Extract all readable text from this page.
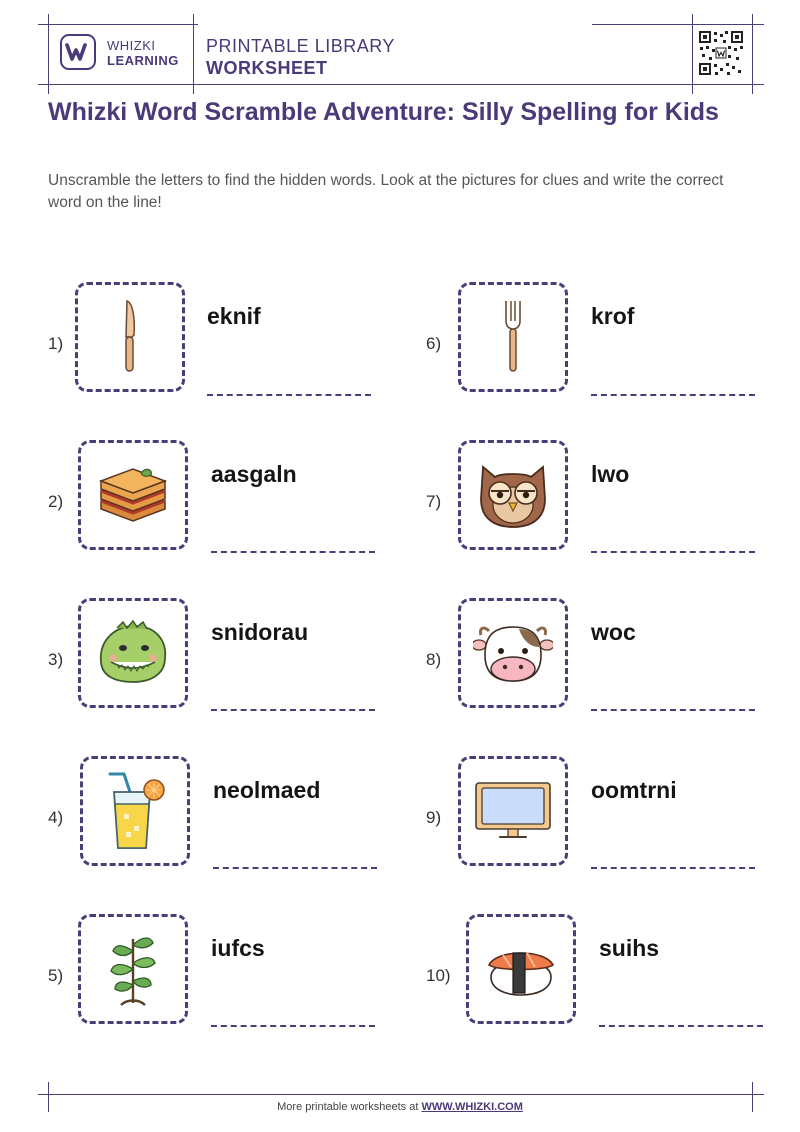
WHIZKI
LEARNING
PRINTABLE LIBRARY
WORKSHEET
Whizki Word Scramble Adventure: Silly Spelling for Kids
Unscramble the letters to find the hidden words. Look at the pictures for clues and write the correct word on the line!
1)
eknif
2)
aasgaln
3)
snidorau
4)
neolmaed
5)
iufcs
6)
krof
7)
lwo
8)
woc
9)
oomtrni
10)
suihs
More printable worksheets at WWW.WHIZKI.COM
